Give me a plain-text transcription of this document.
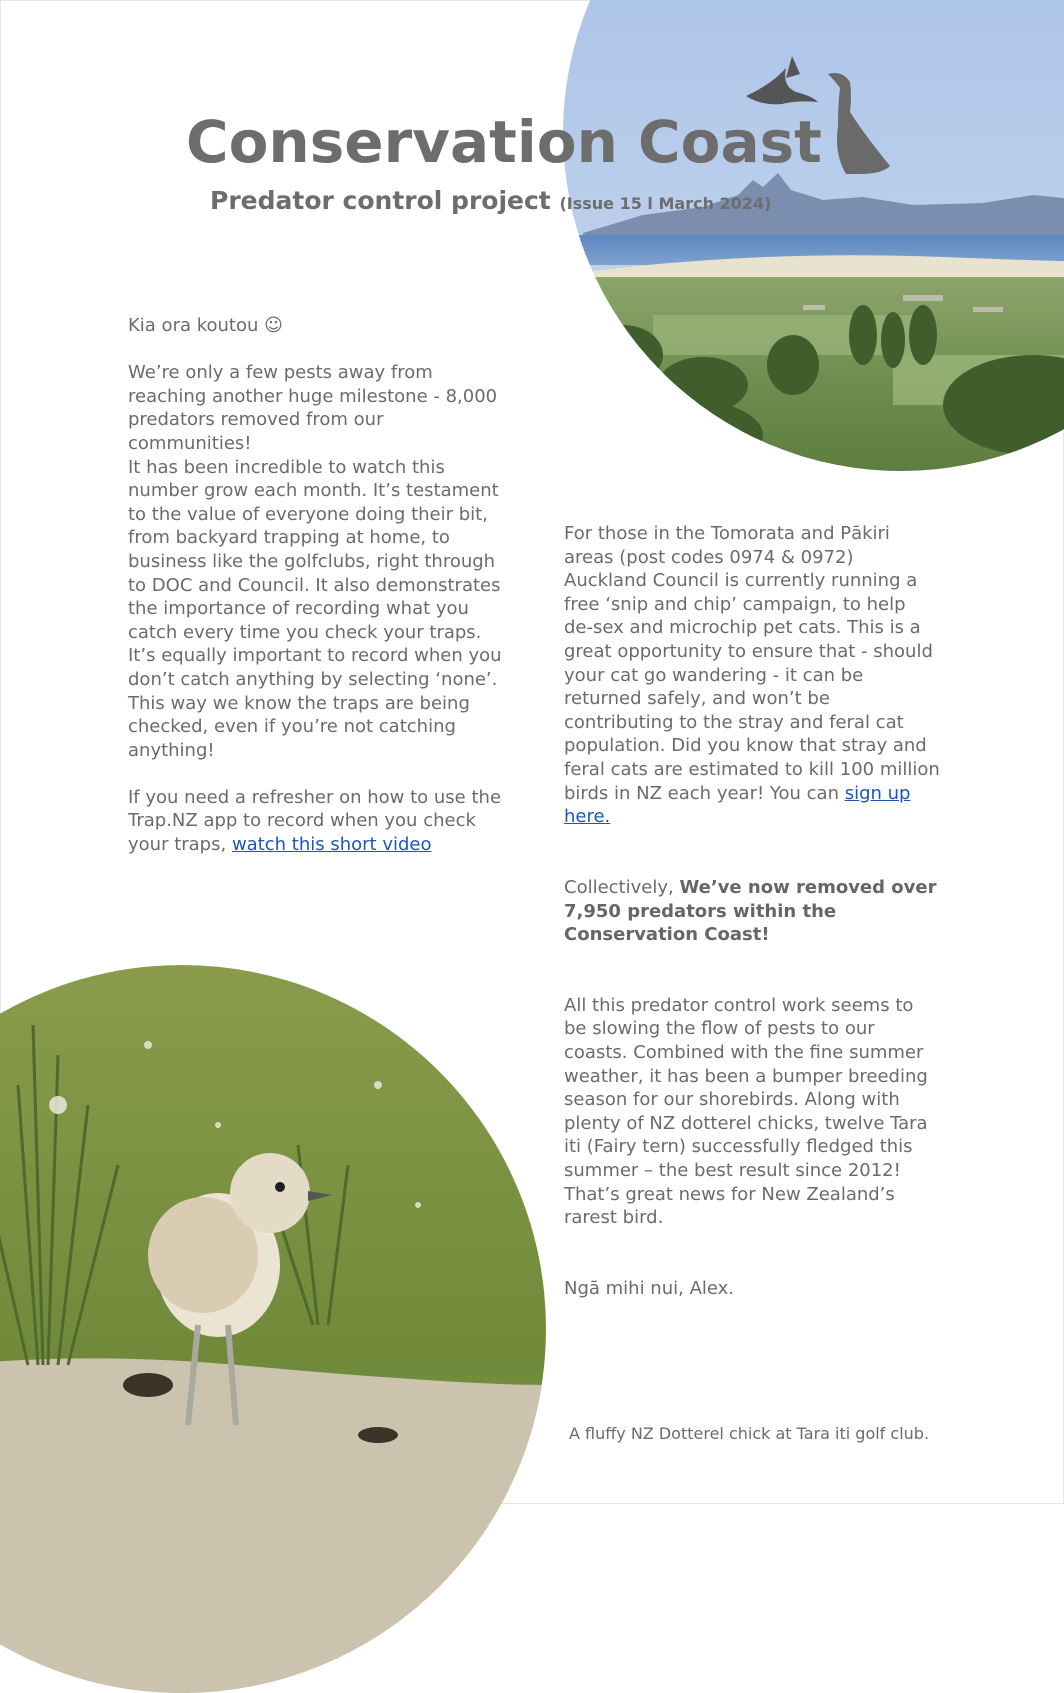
Conservation Coast
Predator control project (Issue 15 l March 2024)

Kia ora koutou ☺

We’re only a few pests away from reaching another huge milestone - 8,000 predators removed from our communities!

It has been incredible to watch this number grow each month. It’s testament to the value of everyone doing their bit, from backyard trapping at home, to business like the golfclubs, right through to DOC and Council. It also demonstrates the importance of recording what you catch every time you check your traps. It’s equally important to record when you don’t catch anything by selecting ‘none’. This way we know the traps are being checked, even if you’re not catching anything!

If you need a refresher on how to use the Trap.NZ app to record when you check your traps, watch this short video

For those in the Tomorata and Pākiri areas (post codes 0974 & 0972) Auckland Council is currently running a free ‘snip and chip’ campaign, to help de-sex and microchip pet cats. This is a great opportunity to ensure that - should your cat go wandering - it can be returned safely, and won’t be contributing to the stray and feral cat population. Did you know that stray and feral cats are estimated to kill 100 million birds in NZ each year! You can sign up here.

Collectively, We’ve now removed over 7,950 predators within the Conservation Coast!

All this predator control work seems to be slowing the flow of pests to our coasts. Combined with the fine summer weather, it has been a bumper breeding season for our shorebirds. Along with plenty of NZ dotterel chicks, twelve Tara iti (Fairy tern) successfully fledged this summer – the best result since 2012! That’s great news for New Zealand’s rarest bird.

Ngā mihi nui, Alex.

A fluffy NZ Dotterel chick at Tara iti golf club.
